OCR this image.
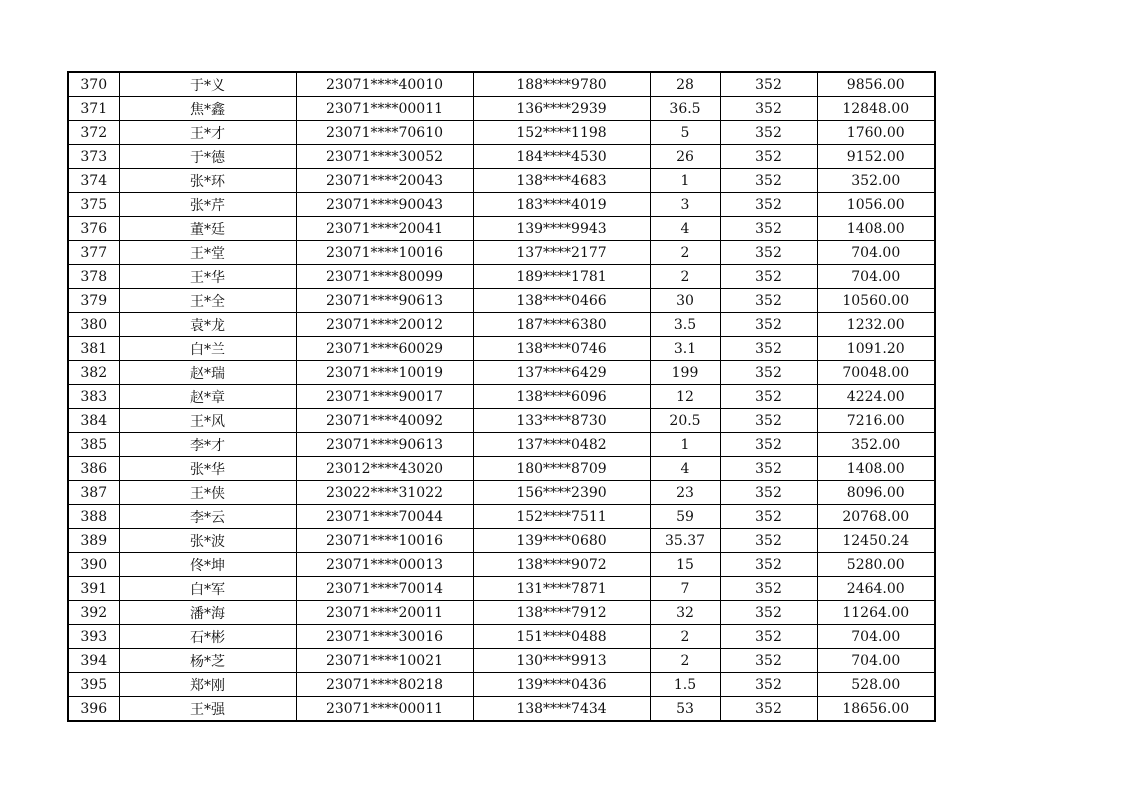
370	于*义	23071****40010	188****9780	28	352	9856.00
371	焦*鑫	23071****00011	136****2939	36.5	352	12848.00
372	王*才	23071****70610	152****1198	5	352	1760.00
373	于*德	23071****30052	184****4530	26	352	9152.00
374	张*环	23071****20043	138****4683	1	352	352.00
375	张*芹	23071****90043	183****4019	3	352	1056.00
376	董*廷	23071****20041	139****9943	4	352	1408.00
377	王*堂	23071****10016	137****2177	2	352	704.00
378	王*华	23071****80099	189****1781	2	352	704.00
379	王*全	23071****90613	138****0466	30	352	10560.00
380	袁*龙	23071****20012	187****6380	3.5	352	1232.00
381	白*兰	23071****60029	138****0746	3.1	352	1091.20
382	赵*瑞	23071****10019	137****6429	199	352	70048.00
383	赵*章	23071****90017	138****6096	12	352	4224.00
384	王*风	23071****40092	133****8730	20.5	352	7216.00
385	李*才	23071****90613	137****0482	1	352	352.00
386	张*华	23012****43020	180****8709	4	352	1408.00
387	王*侠	23022****31022	156****2390	23	352	8096.00
388	李*云	23071****70044	152****7511	59	352	20768.00
389	张*波	23071****10016	139****0680	35.37	352	12450.24
390	佟*坤	23071****00013	138****9072	15	352	5280.00
391	白*军	23071****70014	131****7871	7	352	2464.00
392	潘*海	23071****20011	138****7912	32	352	11264.00
393	石*彬	23071****30016	151****0488	2	352	704.00
394	杨*芝	23071****10021	130****9913	2	352	704.00
395	郑*刚	23071****80218	139****0436	1.5	352	528.00
396	王*强	23071****00011	138****7434	53	352	18656.00
